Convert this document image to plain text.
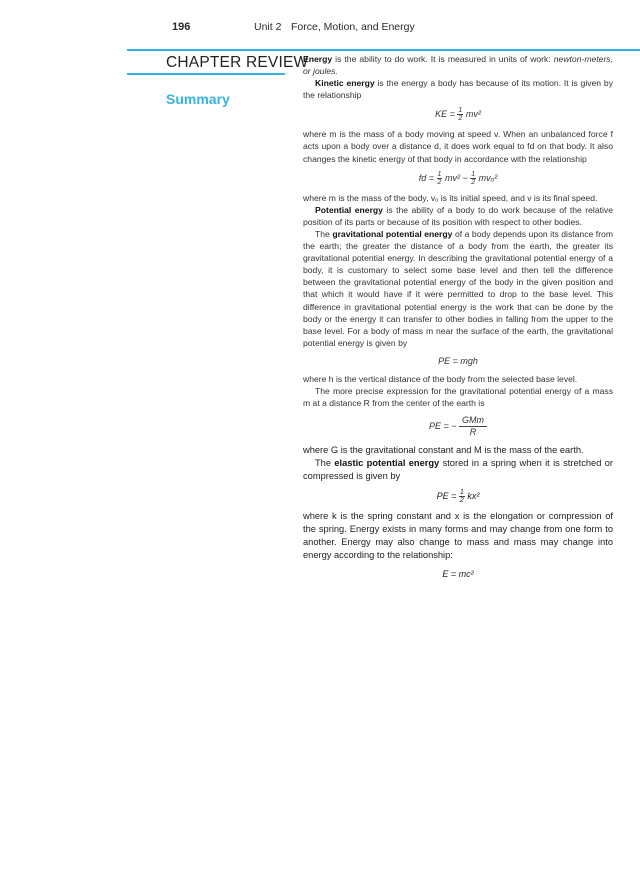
196	Unit 2 Force, Motion, and Energy
CHAPTER REVIEW
Summary

Energy is the ability to do work. It is measured in units of work: newton-meters, or joules.

Kinetic energy is the energy a body has because of its motion. It is given by the relationship

KE = $\frac{1}{2} mv^2$

where m is the mass of a body moving at speed v. When an unbalanced force f acts upon a body over a distance d, it does work equal to fd on that body. It also changes the kinetic energy of that body in accordance with the relationship

fd = $\frac{1}{2} mv^2 - \frac{1}{2} mv_o^2$

where m is the mass of the body, vₒ is its initial speed, and v is its final speed.

Potential energy is the ability of a body to do work because of the relative position of its parts or because of its position with respect to other bodies.

The gravitational potential energy of a body depends upon its distance from the earth; the greater the distance of a body from the earth, the greater its gravitational potential energy. In describing the gravitational potential energy of a body, it is customary to select some base level and then tell the difference between the gravitational potential energy of the body in the given position and that which it would have if it were permitted to drop to the base level. This difference in gravitational potential energy is the work that can be done by the body or the energy it can transfer to other bodies in falling from the upper to the base level. For a body of mass m near the surface of the earth, the gravitational potential energy is given by

PE = mgh

where h is the vertical distance of the body from the selected base level.

The more precise expression for the gravitational potential energy of a mass m at a distance R from the center of the earth is

PE = −
GMm
R

where G is the gravitational constant and M is the mass of the earth.

The elastic potential energy stored in a spring when it is stretched or compressed is given by

PE = $\frac{1}{2} kx^2$

where k is the spring constant and x is the elongation or compression of the spring. Energy exists in many forms and may change from one form to another. Energy may also change to mass and mass may change into energy according to the relationship:

E = mc²
